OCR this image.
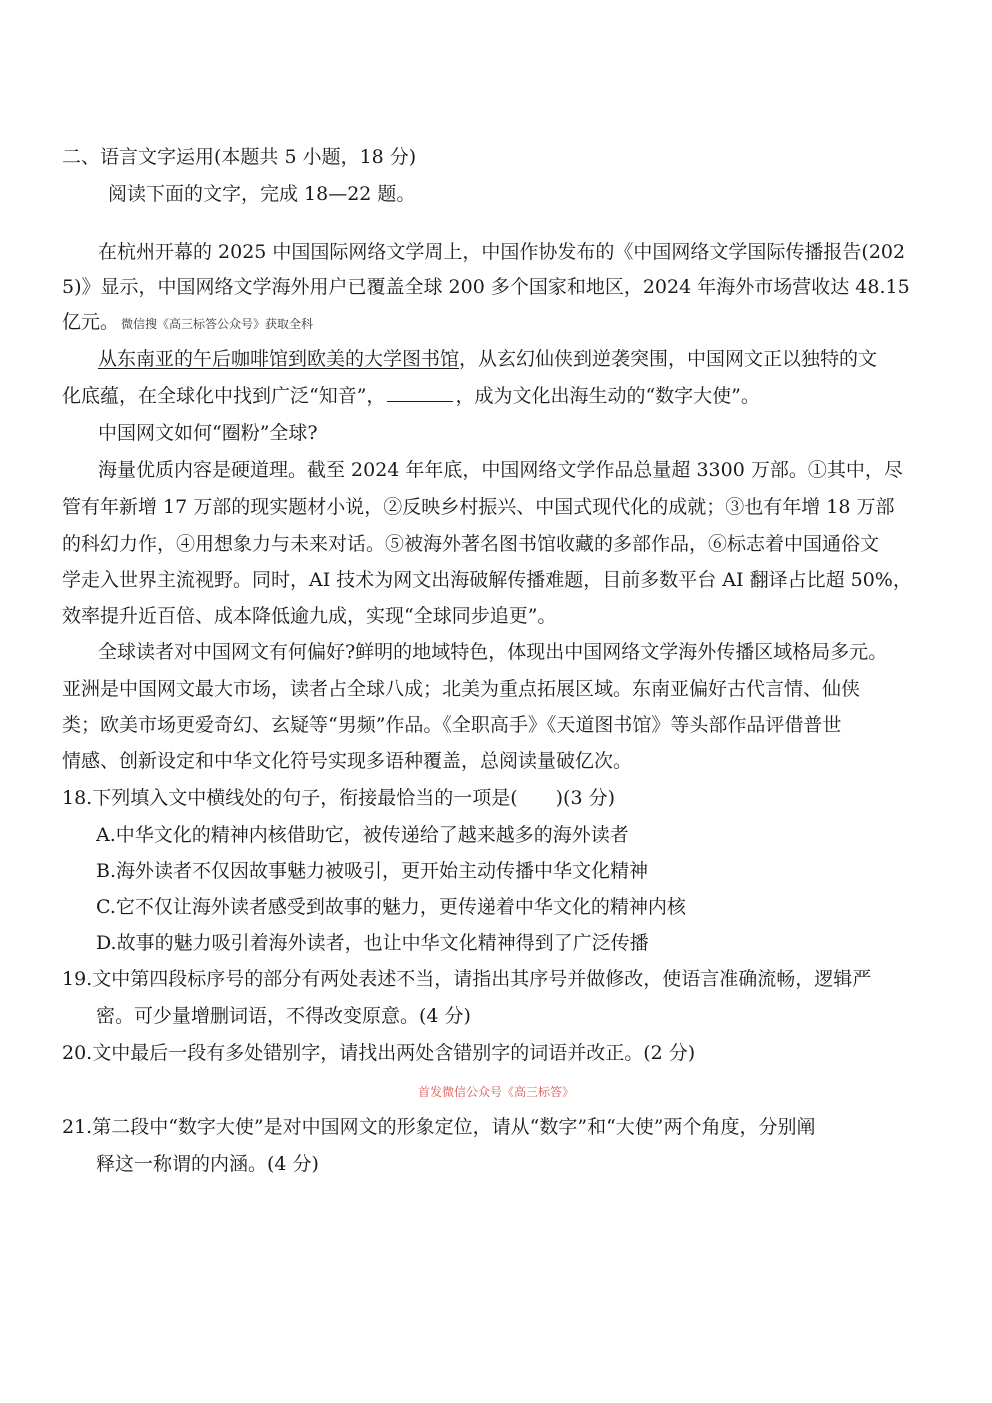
二、语言文字运用(本题共 5 小题，18 分)
阅读下面的文字，完成 18—22 题。
在杭州开幕的 2025 中国国际网络文学周上，中国作协发布的《中国网络文学国际传播报告(202
5)》显示，中国网络文学海外用户已覆盖全球 200 多个国家和地区，2024 年海外市场营收达 48.15
亿元。 微信搜《高三标答公众号》获取全科
从东南亚的午后咖啡馆到欧美的大学图书馆，从玄幻仙侠到逆袭突围，中国网文正以独特的文
化底蕴，在全球化中找到广泛“知音”，	，成为文化出海生动的“数字大使”。
中国网文如何“圈粉”全球?
海量优质内容是硬道理。截至 2024 年年底，中国网络文学作品总量超 3300 万部。①其中，尽
管有年新增 17 万部的现实题材小说，②反映乡村振兴、中国式现代化的成就；③也有年增 18 万部
的科幻力作，④用想象力与未来对话。⑤被海外著名图书馆收藏的多部作品，⑥标志着中国通俗文
学走入世界主流视野。同时，AI 技术为网文出海破解传播难题，目前多数平台 AI 翻译占比超 50%，
效率提升近百倍、成本降低逾九成，实现“全球同步追更”。
全球读者对中国网文有何偏好?鲜明的地域特色，体现出中国网络文学海外传播区域格局多元。
亚洲是中国网文最大市场，读者占全球八成；北美为重点拓展区域。东南亚偏好古代言情、仙侠
类；欧美市场更爱奇幻、玄疑等“男频”作品。《全职高手》《天道图书馆》等头部作品评借普世
情感、创新设定和中华文化符号实现多语种覆盖，总阅读量破亿次。
18.下列填入文中横线处的句子，衔接最恰当的一项是(　　)(3 分)
A.中华文化的精神内核借助它，被传递给了越来越多的海外读者
B.海外读者不仅因故事魅力被吸引，更开始主动传播中华文化精神
C.它不仅让海外读者感受到故事的魅力，更传递着中华文化的精神内核
D.故事的魅力吸引着海外读者，也让中华文化精神得到了广泛传播
19.文中第四段标序号的部分有两处表述不当，请指出其序号并做修改，使语言准确流畅，逻辑严
密。可少量增删词语，不得改变原意。(4 分)
20.文中最后一段有多处错别字，请找出两处含错别字的词语并改正。(2 分)
首发微信公众号《高三标答》
21.第二段中“数字大使”是对中国网文的形象定位，请从“数字”和“大使”两个角度，分别阐
释这一称谓的内涵。(4 分)
